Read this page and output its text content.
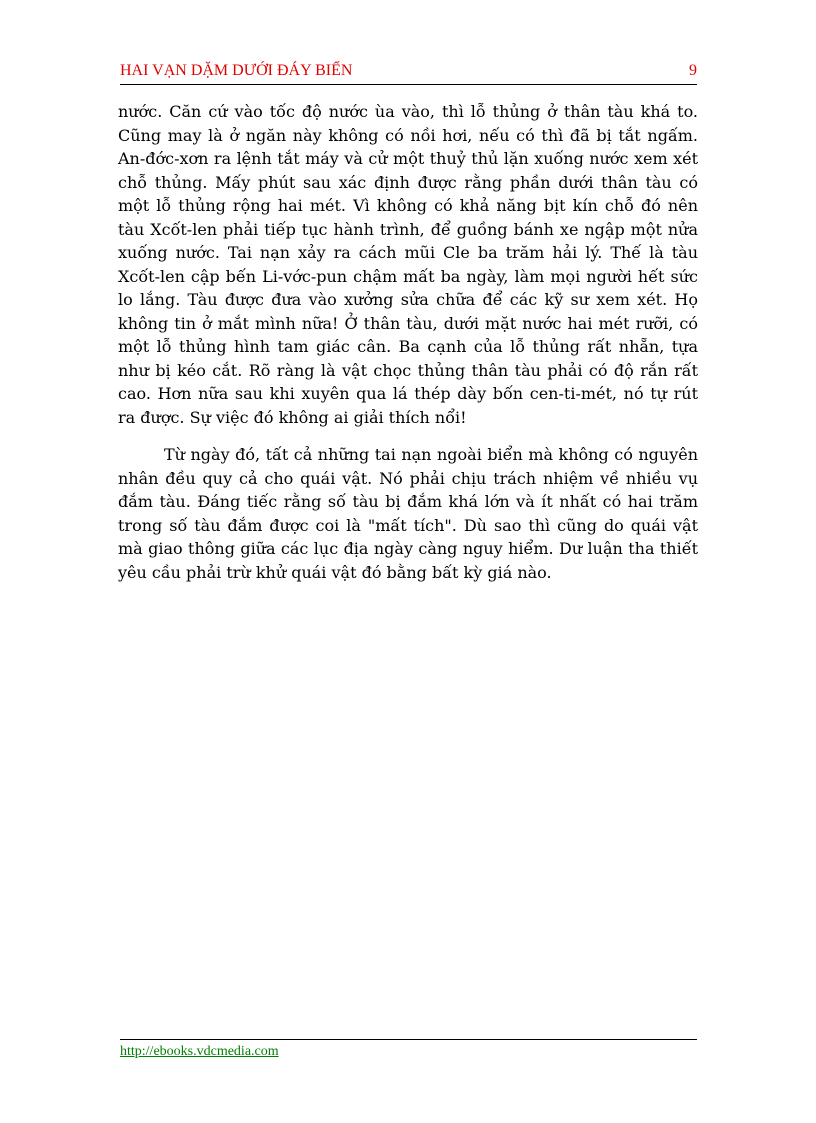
HAI VẠN DẶM DƯỚI ĐÁY BIỂN	9

nước. Căn cứ vào tốc độ nước ùa vào, thì lỗ thủng ở thân tàu khá to. Cũng may là ở ngăn này không có nồi hơi, nếu có thì đã bị tắt ngấm. An-đớc-xơn ra lệnh tắt máy và cử một thuỷ thủ lặn xuống nước xem xét chỗ thủng. Mấy phút sau xác định được rằng phần dưới thân tàu có một lỗ thủng rộng hai mét. Vì không có khả năng bịt kín chỗ đó nên tàu Xcốt-len phải tiếp tục hành trình, để guồng bánh xe ngập một nửa xuống nước. Tai nạn xảy ra cách mũi Cle ba trăm hải lý. Thế là tàu Xcốt-len cập bến Li-vớc-pun chậm mất ba ngày, làm mọi người hết sức lo lắng. Tàu được đưa vào xưởng sửa chữa để các kỹ sư xem xét. Họ không tin ở mắt mình nữa! Ở thân tàu, dưới mặt nước hai mét rưỡi, có một lỗ thủng hình tam giác cân. Ba cạnh của lỗ thủng rất nhẵn, tựa như bị kéo cắt. Rõ ràng là vật chọc thủng thân tàu phải có độ rắn rất cao. Hơn nữa sau khi xuyên qua lá thép dày bốn cen-ti-mét, nó tự rút ra được. Sự việc đó không ai giải thích nổi!

Từ ngày đó, tất cả những tai nạn ngoài biển mà không có nguyên nhân đều quy cả cho quái vật. Nó phải chịu trách nhiệm về nhiều vụ đắm tàu. Đáng tiếc rằng số tàu bị đắm khá lớn và ít nhất có hai trăm trong số tàu đắm được coi là "mất tích". Dù sao thì cũng do quái vật mà giao thông giữa các lục địa ngày càng nguy hiểm. Dư luận tha thiết yêu cầu phải trừ khử quái vật đó bằng bất kỳ giá nào.

http://ebooks.vdcmedia.com
